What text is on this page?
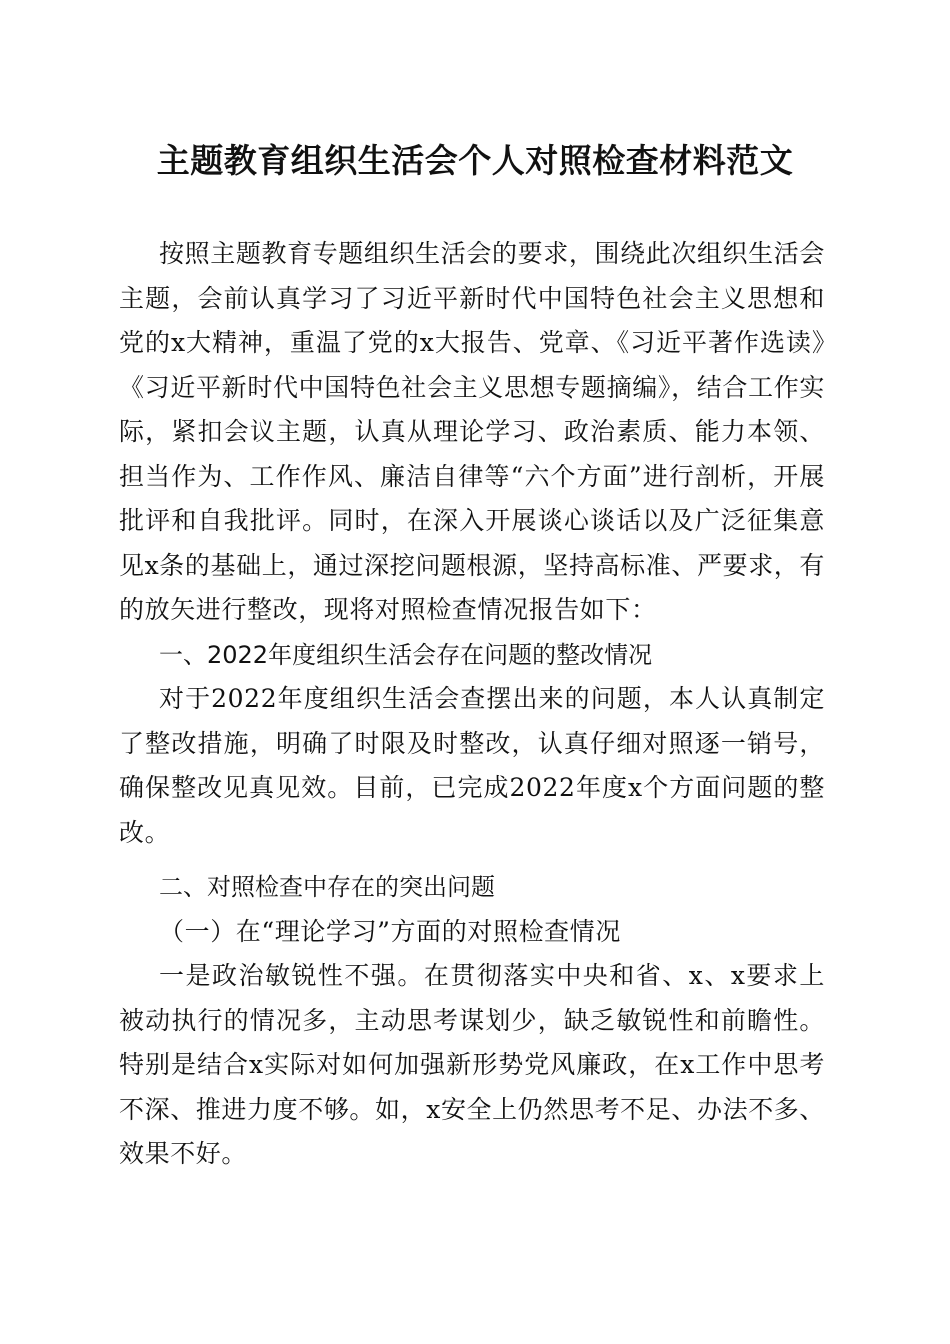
主题教育组织生活会个人对照检查材料范文

按照主题教育专题组织生活会的要求，围绕此次组织生活会主题，会前认真学习了习近平新时代中国特色社会主义思想和党的x大精神，重温了党的x大报告、党章、《习近平著作选读》《习近平新时代中国特色社会主义思想专题摘编》，结合工作实际，紧扣会议主题，认真从理论学习、政治素质、能力本领、担当作为、工作作风、廉洁自律等“六个方面”进行剖析，开展批评和自我批评。同时，在深入开展谈心谈话以及广泛征集意见x条的基础上，通过深挖问题根源，坚持高标准、严要求，有的放矢进行整改，现将对照检查情况报告如下：

一、2022年度组织生活会存在问题的整改情况

对于2022年度组织生活会查摆出来的问题，本人认真制定了整改措施，明确了时限及时整改，认真仔细对照逐一销号，确保整改见真见效。目前，已完成2022年度x个方面问题的整改。

二、对照检查中存在的突出问题

（一）在“理论学习”方面的对照检查情况

一是政治敏锐性不强。在贯彻落实中央和省、x、x要求上被动执行的情况多，主动思考谋划少，缺乏敏锐性和前瞻性。特别是结合x实际对如何加强新形势党风廉政，在x工作中思考不深、推进力度不够。如，x安全上仍然思考不足、办法不多、效果不好。
